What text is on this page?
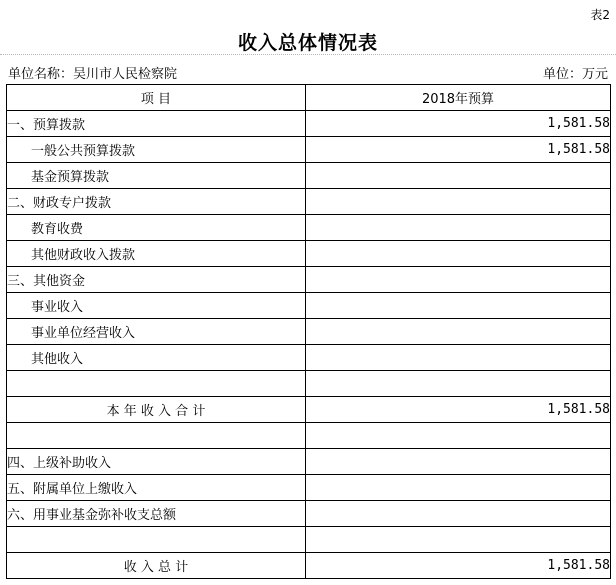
表2
收入总体情况表
单位名称：吴川市人民检察院	单位：万元
项 目	2018年预算
一、预算拨款	1,581.58
一般公共预算拨款	1,581.58
基金预算拨款	
二、财政专户拨款	
教育收费	
其他财政收入拨款	
三、其他资金	
事业收入	
事业单位经营收入	
其他收入	

本 年 收 入 合 计	1,581.58

四、上级补助收入	
五、附属单位上缴收入	
六、用事业基金弥补收支总额	

收 入 总 计	1,581.58
